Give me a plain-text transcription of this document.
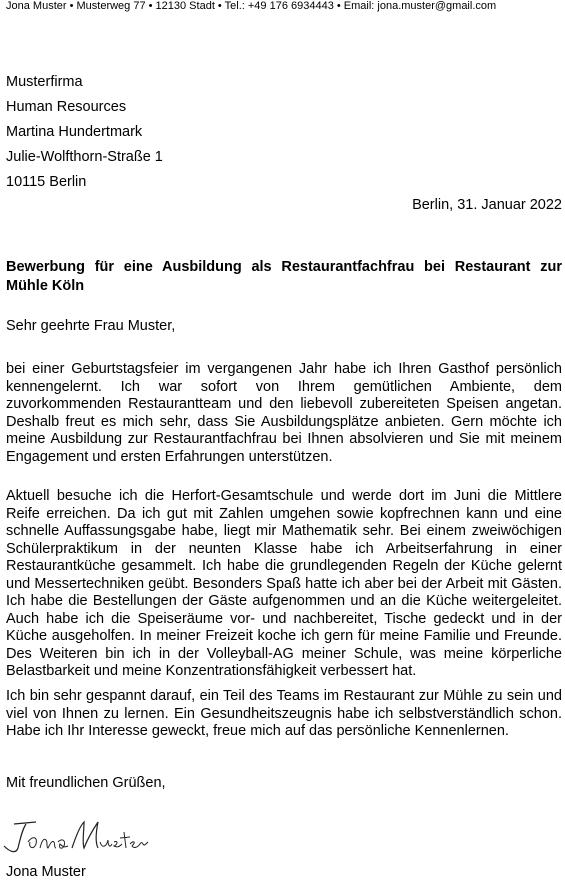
Jona Muster • Musterweg 77 • 12130 Stadt • Tel.: +49 176 6934443 • Email: jona.muster@gmail.com
Musterfirma
Human Resources
Martina Hundertmark
Julie-Wolfthorn-Straße 1
10115 Berlin
Berlin, 31. Januar 2022
Bewerbung für eine Ausbildung als Restaurantfachfrau bei Restaurant zur Mühle Köln
Sehr geehrte Frau Muster,

bei einer Geburtstagsfeier im vergangenen Jahr habe ich Ihren Gasthof persönlich kennengelernt. Ich war sofort von Ihrem gemütlichen Ambiente, dem zuvorkommenden Restaurantteam und den liebevoll zubereiteten Speisen angetan. Deshalb freut es mich sehr, dass Sie Ausbildungsplätze anbieten. Gern möchte ich meine Ausbildung zur Restaurantfachfrau bei Ihnen absolvieren und Sie mit meinem Engagement und ersten Erfahrungen unterstützen.

Aktuell besuche ich die Herfort-Gesamtschule und werde dort im Juni die Mittlere Reife erreichen. Da ich gut mit Zahlen umgehen sowie kopfrechnen kann und eine schnelle Auffassungsgabe habe, liegt mir Mathematik sehr. Bei einem zweiwöchigen Schülerpraktikum in der neunten Klasse habe ich Arbeitserfahrung in einer Restaurantküche gesammelt. Ich habe die grundlegenden Regeln der Küche gelernt und Messertechniken geübt. Besonders Spaß hatte ich aber bei der Arbeit mit Gästen. Ich habe die Bestellungen der Gäste aufgenommen und an die Küche weitergeleitet. Auch habe ich die Speiseräume vor- und nachbereitet, Tische gedeckt und in der Küche ausgeholfen. In meiner Freizeit koche ich gern für meine Familie und Freunde. Des Weiteren bin ich in der Volleyball-AG meiner Schule, was meine körperliche Belastbarkeit und meine Konzentrationsfähigkeit verbessert hat.

Ich bin sehr gespannt darauf, ein Teil des Teams im Restaurant zur Mühle zu sein und viel von Ihnen zu lernen. Ein Gesundheitszeugnis habe ich selbstverständlich schon. Habe ich Ihr Interesse geweckt, freue mich auf das persönliche Kennenlernen.

Mit freundlichen Grüßen,
Jona Muster
